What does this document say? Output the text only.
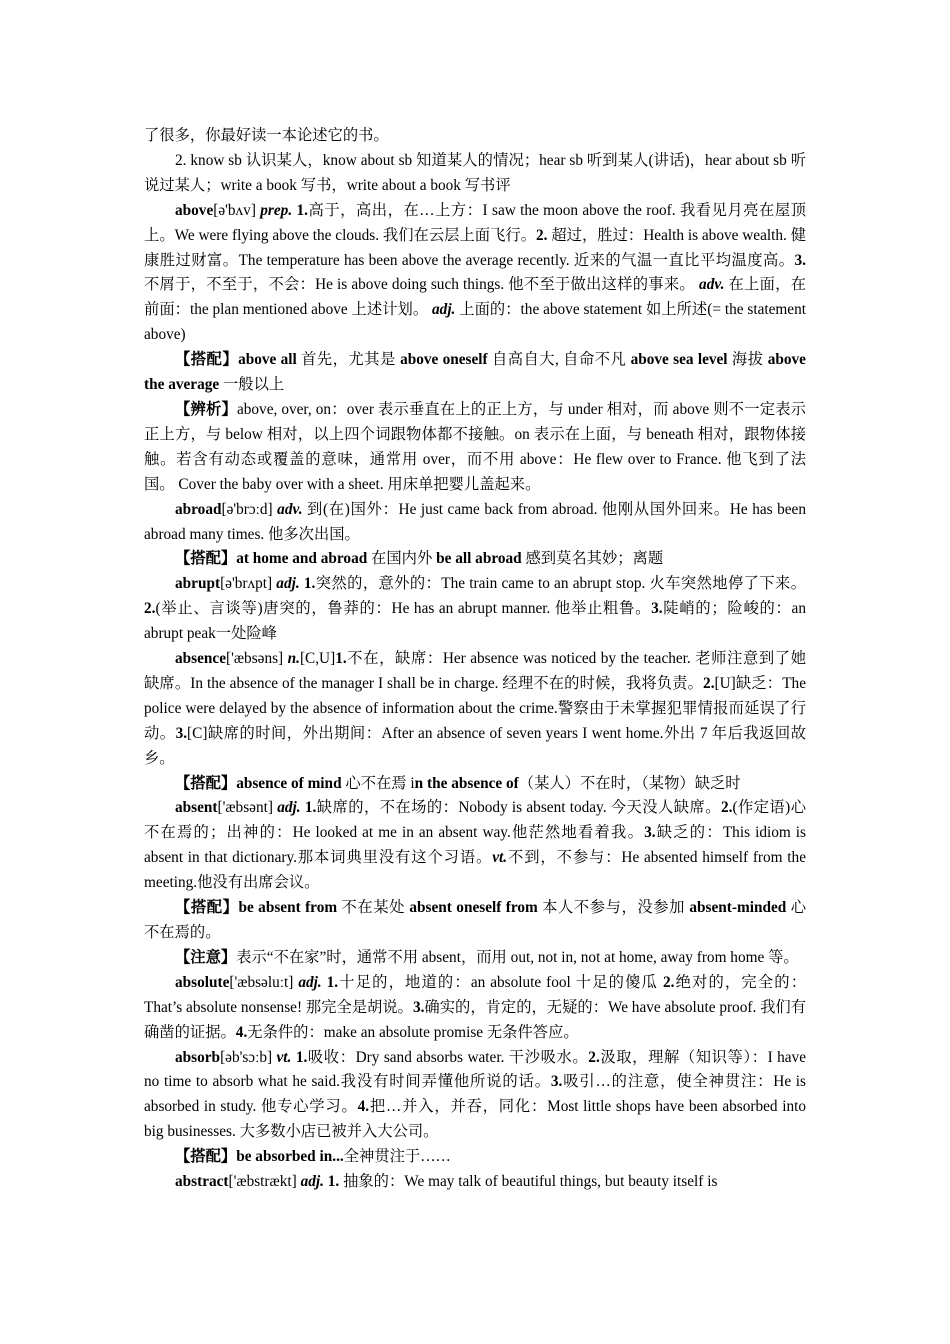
了很多，你最好读一本论述它的书。

2. know sb 认识某人，know about sb 知道某人的情况；hear sb 听到某人(讲话)，hear about sb 听说过某人；write a book 写书，write about a book 写书评

above[ə'bʌv] prep. 1.高于，高出，在…上方：I saw the moon above the roof. 我看见月亮在屋顶上。We were flying above the clouds. 我们在云层上面飞行。2. 超过，胜过：Health is above wealth. 健康胜过财富。The temperature has been above the average recently. 近来的气温一直比平均温度高。3.不屑于，不至于，不会：He is above doing such things. 他不至于做出这样的事来。 adv. 在上面，在前面：the plan mentioned above 上述计划。 adj. 上面的：the above statement 如上所述(= the statement above)

【搭配】above all 首先，尤其是 above oneself 自高自大, 自命不凡 above sea level 海拔 above the average 一般以上

【辨析】above, over, on：over 表示垂直在上的正上方，与 under 相对，而 above 则不一定表示正上方，与 below 相对，以上四个词跟物体都不接触。on 表示在上面，与 beneath 相对，跟物体接触。若含有动态或覆盖的意味，通常用 over，而不用 above：He flew over to France. 他飞到了法国。 Cover the baby over with a sheet. 用床单把婴儿盖起来。

abroad[ə'brɔːd] adv. 到(在)国外：He just came back from abroad. 他刚从国外回来。He has been abroad many times. 他多次出国。

【搭配】at home and abroad 在国内外 be all abroad 感到莫名其妙；离题

abrupt[ə'brʌpt] adj. 1.突然的，意外的：The train came to an abrupt stop. 火车突然地停了下来。2.(举止、言谈等)唐突的，鲁莽的：He has an abrupt manner. 他举止粗鲁。3.陡峭的；险峻的：an abrupt peak一处险峰

absence['æbsəns] n.[C,U]1.不在，缺席：Her absence was noticed by the teacher. 老师注意到了她缺席。In the absence of the manager I shall be in charge. 经理不在的时候，我将负责。2.[U]缺乏：The police were delayed by the absence of information about the crime.警察由于未掌握犯罪情报而延误了行动。3.[C]缺席的时间，外出期间：After an absence of seven years I went home.外出 7 年后我返回故乡。

【搭配】absence of mind 心不在焉 in the absence of（某人）不在时，（某物）缺乏时

absent['æbsənt] adj. 1.缺席的，不在场的：Nobody is absent today. 今天没人缺席。2.(作定语)心不在焉的；出神的：He looked at me in an absent way.他茫然地看着我。3.缺乏的：This idiom is absent in that dictionary.那本词典里没有这个习语。vt.不到，不参与：He absented himself from the meeting.他没有出席会议。

【搭配】be absent from 不在某处 absent oneself from 本人不参与，没参加 absent-minded 心不在焉的。

【注意】表示“不在家”时，通常不用 absent，而用 out, not in, not at home, away from home 等。

absolute['æbsəluːt] adj. 1.十足的，地道的：an absolute fool 十足的傻瓜 2.绝对的，完全的：That’s absolute nonsense! 那完全是胡说。3.确实的，肯定的，无疑的：We have absolute proof. 我们有确凿的证据。4.无条件的：make an absolute promise 无条件答应。

absorb[əb'sɔːb] vt. 1.吸收：Dry sand absorbs water. 干沙吸水。2.汲取，理解（知识等）：I have no time to absorb what he said.我没有时间弄懂他所说的话。3.吸引…的注意，使全神贯注：He is absorbed in study. 他专心学习。4.把…并入，并吞，同化：Most little shops have been absorbed into big businesses. 大多数小店已被并入大公司。

【搭配】be absorbed in...全神贯注于……

abstract['æbstrækt] adj. 1. 抽象的：We may talk of beautiful things, but beauty itself is
